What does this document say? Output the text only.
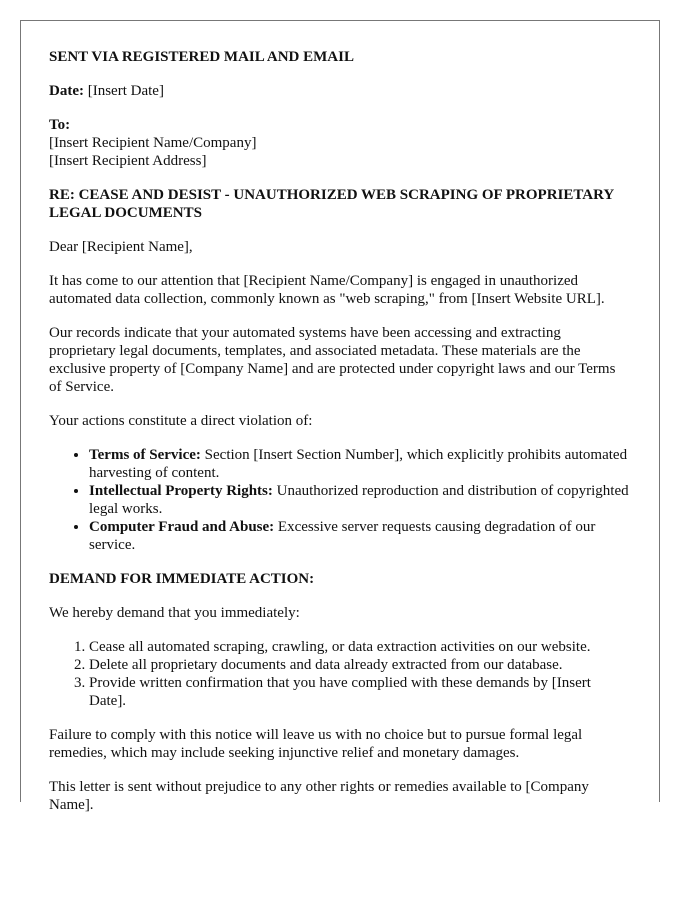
SENT VIA REGISTERED MAIL AND EMAIL

Date: [Insert Date]

To:
[Insert Recipient Name/Company]
[Insert Recipient Address]

RE: CEASE AND DESIST - UNAUTHORIZED WEB SCRAPING OF PROPRIETARY LEGAL DOCUMENTS

Dear [Recipient Name],

It has come to our attention that [Recipient Name/Company] is engaged in unauthorized automated data collection, commonly known as "web scraping," from [Insert Website URL].

Our records indicate that your automated systems have been accessing and extracting proprietary legal documents, templates, and associated metadata. These materials are the exclusive property of [Company Name] and are protected under copyright laws and our Terms of Service.

Your actions constitute a direct violation of:

• Terms of Service: Section [Insert Section Number], which explicitly prohibits automated harvesting of content.
• Intellectual Property Rights: Unauthorized reproduction and distribution of copyrighted legal works.
• Computer Fraud and Abuse: Excessive server requests causing degradation of our service.

DEMAND FOR IMMEDIATE ACTION:

We hereby demand that you immediately:

1. Cease all automated scraping, crawling, or data extraction activities on our website.
2. Delete all proprietary documents and data already extracted from our database.
3. Provide written confirmation that you have complied with these demands by [Insert Date].

Failure to comply with this notice will leave us with no choice but to pursue formal legal remedies, which may include seeking injunctive relief and monetary damages.

This letter is sent without prejudice to any other rights or remedies available to [Company Name].
